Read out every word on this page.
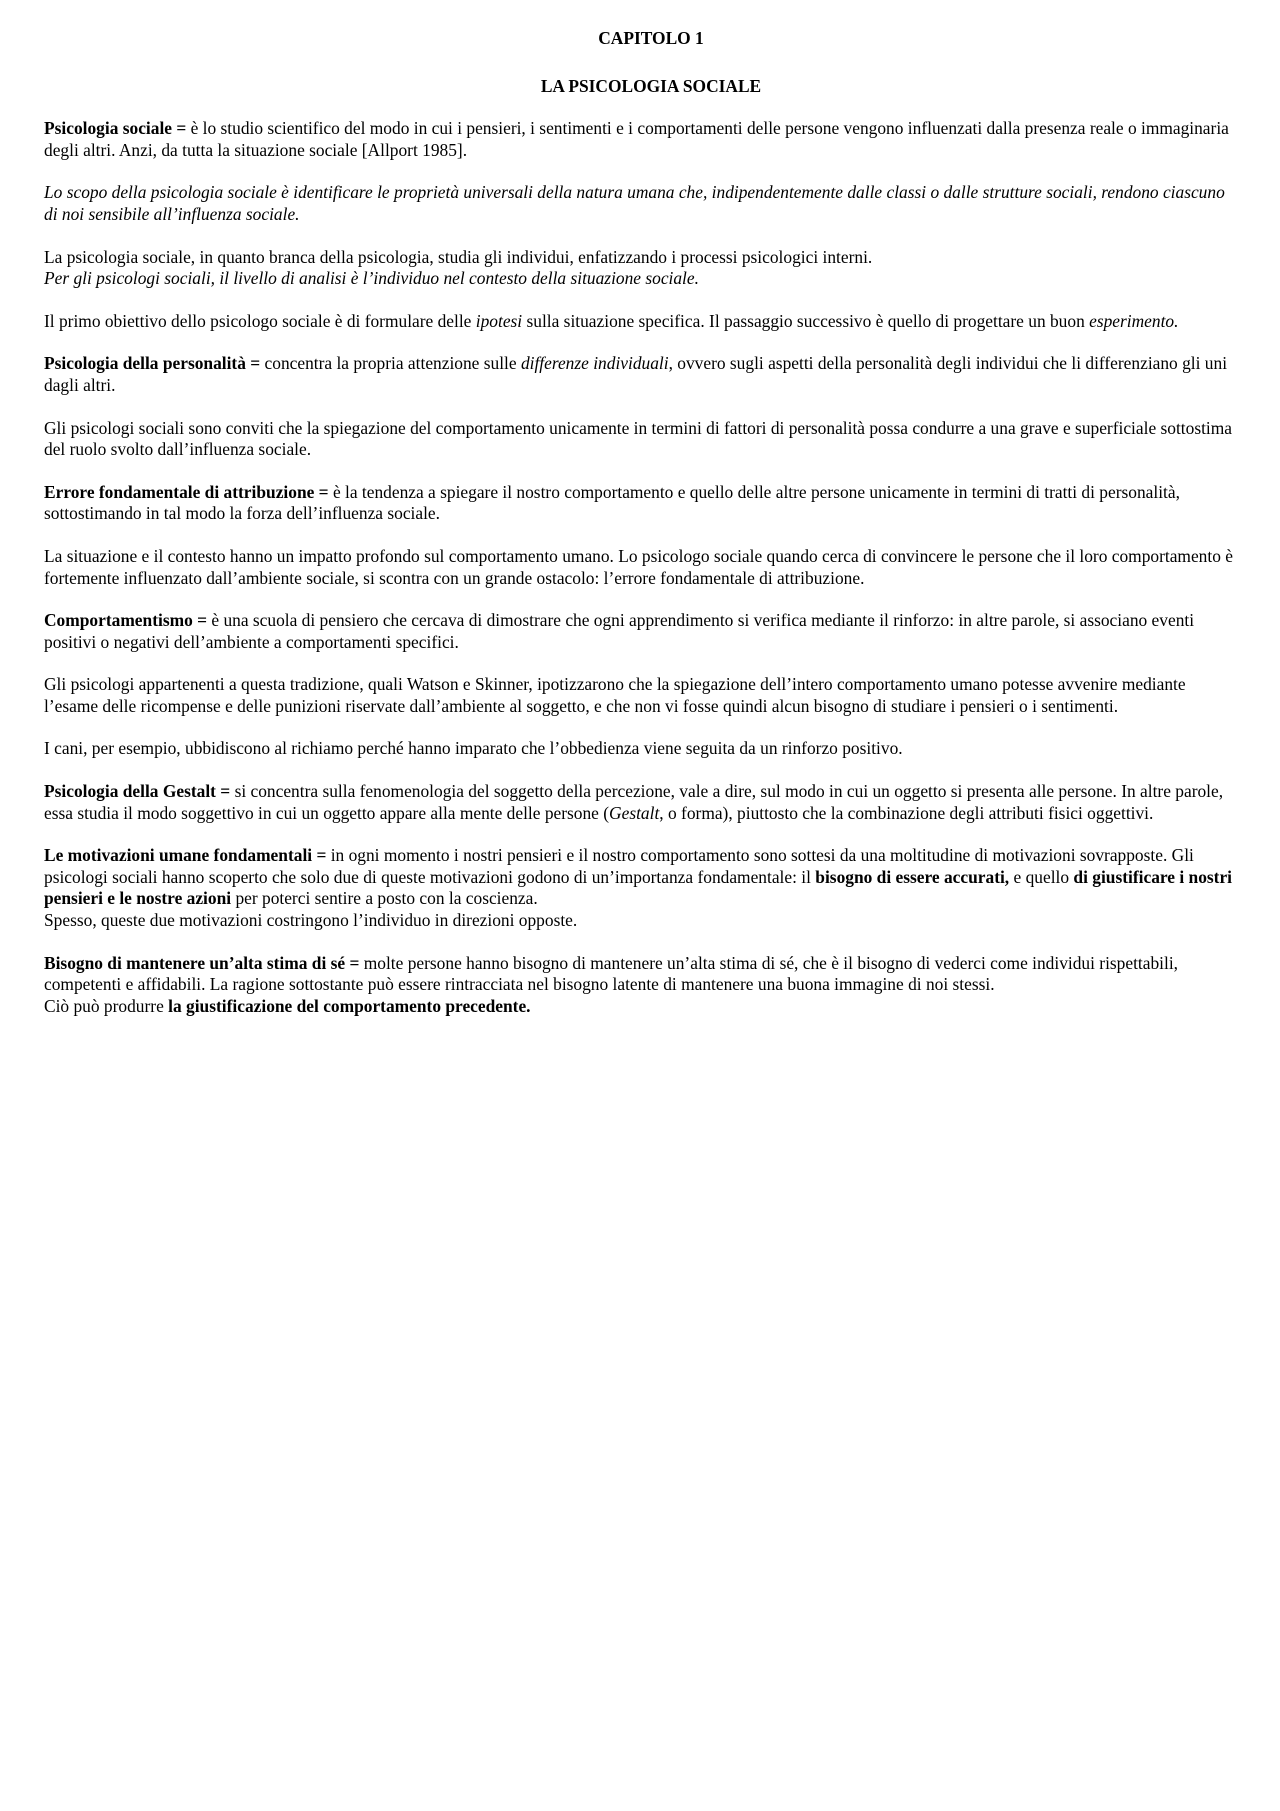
CAPITOLO 1

LA PSICOLOGIA SOCIALE

Psicologia sociale = è lo studio scientifico del modo in cui i pensieri, i sentimenti e i comportamenti delle persone vengono influenzati dalla presenza reale o immaginaria degli altri. Anzi, da tutta la situazione sociale [Allport 1985].

Lo scopo della psicologia sociale è identificare le proprietà universali della natura umana che, indipendentemente dalle classi o dalle strutture sociali, rendono ciascuno di noi sensibile all’influenza sociale.

La psicologia sociale, in quanto branca della psicologia, studia gli individui, enfatizzando i processi psicologici interni.
Per gli psicologi sociali, il livello di analisi è l’individuo nel contesto della situazione sociale.

Il primo obiettivo dello psicologo sociale è di formulare delle ipotesi sulla situazione specifica. Il passaggio successivo è quello di progettare un buon esperimento.

Psicologia della personalità = concentra la propria attenzione sulle differenze individuali, ovvero sugli aspetti della personalità degli individui che li differenziano gli uni dagli altri.

Gli psicologi sociali sono conviti che la spiegazione del comportamento unicamente in termini di fattori di personalità possa condurre a una grave e superficiale sottostima del ruolo svolto dall’influenza sociale.

Errore fondamentale di attribuzione = è la tendenza a spiegare il nostro comportamento e quello delle altre persone unicamente in termini di tratti di personalità, sottostimando in tal modo la forza dell’influenza sociale.

La situazione e il contesto hanno un impatto profondo sul comportamento umano. Lo psicologo sociale quando cerca di convincere le persone che il loro comportamento è fortemente influenzato dall’ambiente sociale, si scontra con un grande ostacolo: l’errore fondamentale di attribuzione.

Comportamentismo = è una scuola di pensiero che cercava di dimostrare che ogni apprendimento si verifica mediante il rinforzo: in altre parole, si associano eventi positivi o negativi dell’ambiente a comportamenti specifici.

Gli psicologi appartenenti a questa tradizione, quali Watson e Skinner, ipotizzarono che la spiegazione dell’intero comportamento umano potesse avvenire mediante l’esame delle ricompense e delle punizioni riservate dall’ambiente al soggetto, e che non vi fosse quindi alcun bisogno di studiare i pensieri o i sentimenti.

I cani, per esempio, ubbidiscono al richiamo perché hanno imparato che l’obbedienza viene seguita da un rinforzo positivo.

Psicologia della Gestalt = si concentra sulla fenomenologia del soggetto della percezione, vale a dire, sul modo in cui un oggetto si presenta alle persone. In altre parole, essa studia il modo soggettivo in cui un oggetto appare alla mente delle persone (Gestalt, o forma), piuttosto che la combinazione degli attributi fisici oggettivi.

Le motivazioni umane fondamentali = in ogni momento i nostri pensieri e il nostro comportamento sono sottesi da una moltitudine di motivazioni sovrapposte. Gli psicologi sociali hanno scoperto che solo due di queste motivazioni godono di un’importanza fondamentale: il bisogno di essere accurati, e quello di giustificare i nostri pensieri e le nostre azioni per poterci sentire a posto con la coscienza.
Spesso, queste due motivazioni costringono l’individuo in direzioni opposte.

Bisogno di mantenere un’alta stima di sé = molte persone hanno bisogno di mantenere un’alta stima di sé, che è il bisogno di vederci come individui rispettabili, competenti e affidabili. La ragione sottostante può essere rintracciata nel bisogno latente di mantenere una buona immagine di noi stessi.
Ciò può produrre la giustificazione del comportamento precedente.
